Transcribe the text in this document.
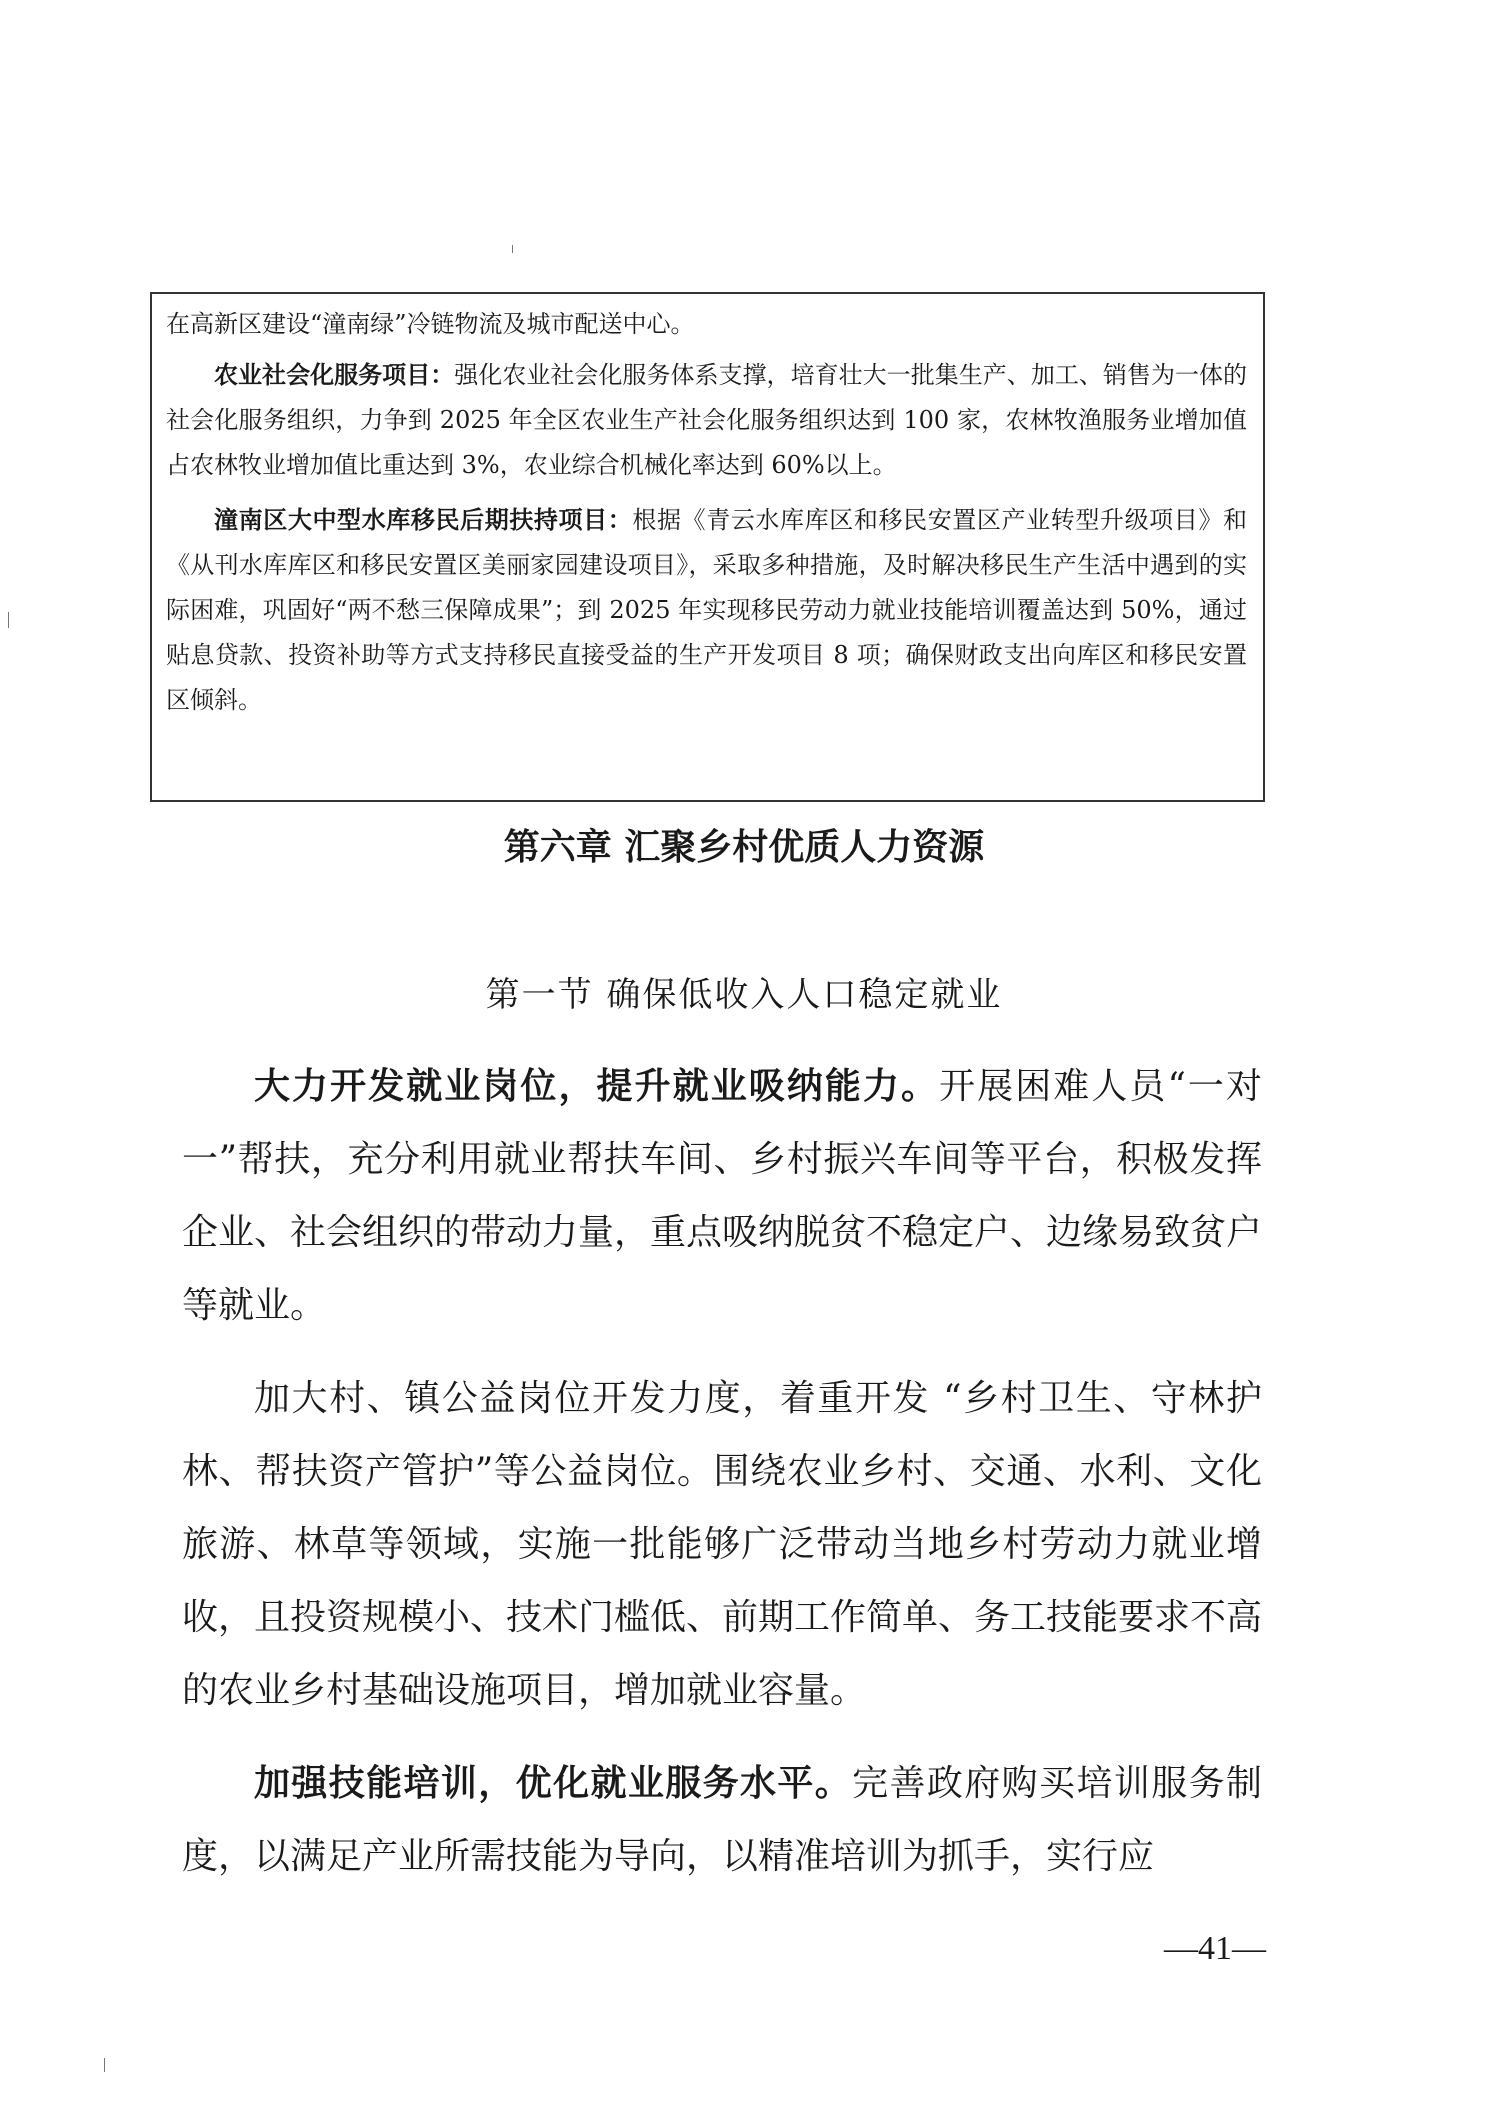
在高新区建设“潼南绿”冷链物流及城市配送中心。

农业社会化服务项目：强化农业社会化服务体系支撑，培育壮大一批集生产、加工、销售为一体的社会化服务组织，力争到 2025 年全区农业生产社会化服务组织达到 100 家，农林牧渔服务业增加值占农林牧业增加值比重达到 3%，农业综合机械化率达到 60%以上。

潼南区大中型水库移民后期扶持项目：根据《青云水库库区和移民安置区产业转型升级项目》和《从刊水库库区和移民安置区美丽家园建设项目》，采取多种措施，及时解决移民生产生活中遇到的实际困难，巩固好“两不愁三保障成果”；到 2025 年实现移民劳动力就业技能培训覆盖达到 50%，通过贴息贷款、投资补助等方式支持移民直接受益的生产开发项目 8 项；确保财政支出向库区和移民安置区倾斜。

第六章 汇聚乡村优质人力资源
第一节 确保低收入人口稳定就业

大力开发就业岗位，提升就业吸纳能力。开展困难人员“一对一”帮扶，充分利用就业帮扶车间、乡村振兴车间等平台，积极发挥企业、社会组织的带动力量，重点吸纳脱贫不稳定户、边缘易致贫户等就业。

加大村、镇公益岗位开发力度，着重开发 “乡村卫生、守林护林、帮扶资产管护”等公益岗位。围绕农业乡村、交通、水利、文化旅游、林草等领域，实施一批能够广泛带动当地乡村劳动力就业增收，且投资规模小、技术门槛低、前期工作简单、务工技能要求不高的农业乡村基础设施项目，增加就业容量。

加强技能培训，优化就业服务水平。完善政府购买培训服务制度，以满足产业所需技能为导向，以精准培训为抓手，实行应

—41—
